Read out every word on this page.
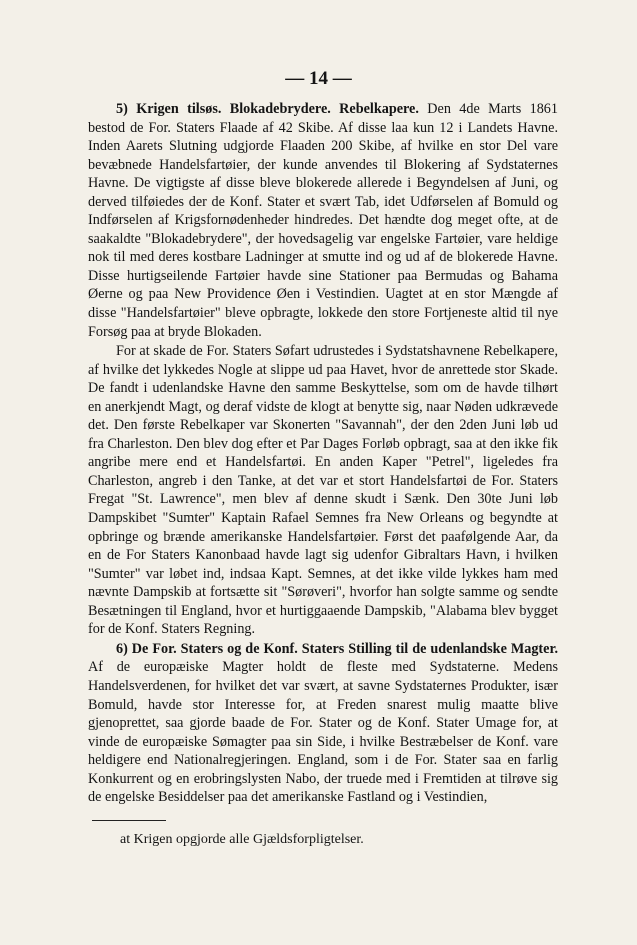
— 14 —

5) Krigen tilsøs. Blokadebrydere. Rebelkapere. Den 4de Marts 1861 bestod de For. Staters Flaade af 42 Skibe. Af disse laa kun 12 i Landets Havne. Inden Aarets Slutning udgjorde Flaaden 200 Skibe, af hvilke en stor Del vare bevæbnede Handelsfartøier, der kunde anvendes til Blokering af Sydstaternes Havne. De vigtigste af disse bleve blokerede allerede i Begyndelsen af Juni, og derved tilføiedes der de Konf. Stater et svært Tab, idet Udførselen af Bomuld og Indførselen af Krigsfornødenheder hindredes. Det hændte dog meget ofte, at de saakaldte "Blokadebrydere", der hovedsagelig var engelske Fartøier, vare heldige nok til med deres kostbare Ladninger at smutte ind og ud af de blokerede Havne. Disse hurtigseilende Fartøier havde sine Stationer paa Bermudas og Bahama Øerne og paa New Providence Øen i Vestindien. Uagtet at en stor Mængde af disse "Handelsfartøier" bleve opbragte, lokkede den store Fortjeneste altid til nye Forsøg paa at bryde Blokaden.

For at skade de For. Staters Søfart udrustedes i Sydstatshavnene Rebelkapere, af hvilke det lykkedes Nogle at slippe ud paa Havet, hvor de anrettede stor Skade. De fandt i udenlandske Havne den samme Beskyttelse, som om de havde tilhørt en anerkjendt Magt, og deraf vidste de klogt at benytte sig, naar Nøden udkrævede det. Den første Rebelkaper var Skonerten "Savannah", der den 2den Juni løb ud fra Charleston. Den blev dog efter et Par Dages Forløb opbragt, saa at den ikke fik angribe mere end et Handelsfartøi. En anden Kaper "Petrel", ligeledes fra Charleston, angreb i den Tanke, at det var et stort Handelsfartøi de For. Staters Fregat "St. Lawrence", men blev af denne skudt i Sænk. Den 30te Juni løb Dampskibet "Sumter" Kaptain Rafael Semnes fra New Orleans og begyndte at opbringe og brænde amerikanske Handelsfartøier. Først det paafølgende Aar, da en de For Staters Kanonbaad havde lagt sig udenfor Gibraltars Havn, i hvilken "Sumter" var løbet ind, indsaa Kapt. Semnes, at det ikke vilde lykkes ham med nævnte Dampskib at fortsætte sit "Sørøveri", hvorfor han solgte samme og sendte Besætningen til England, hvor et hurtiggaaende Dampskib, "Alabama blev bygget for de Konf. Staters Regning.

6) De For. Staters og de Konf. Staters Stilling til de udenlandske Magter. Af de europæiske Magter holdt de fleste med Sydstaterne. Medens Handelsverdenen, for hvilket det var svært, at savne Sydstaternes Produkter, især Bomuld, havde stor Interesse for, at Freden snarest mulig maatte blive gjenoprettet, saa gjorde baade de For. Stater og de Konf. Stater Umage for, at vinde de europæiske Sømagter paa sin Side, i hvilke Bestræbelser de Konf. vare heldigere end Nationalregjeringen. England, som i de For. Stater saa en farlig Konkurrent og en erobringslysten Nabo, der truede med i Fremtiden at tilrøve sig de engelske Besiddelser paa det amerikanske Fastland og i Vestindien,

at Krigen opgjorde alle Gjældsforpligtelser.
